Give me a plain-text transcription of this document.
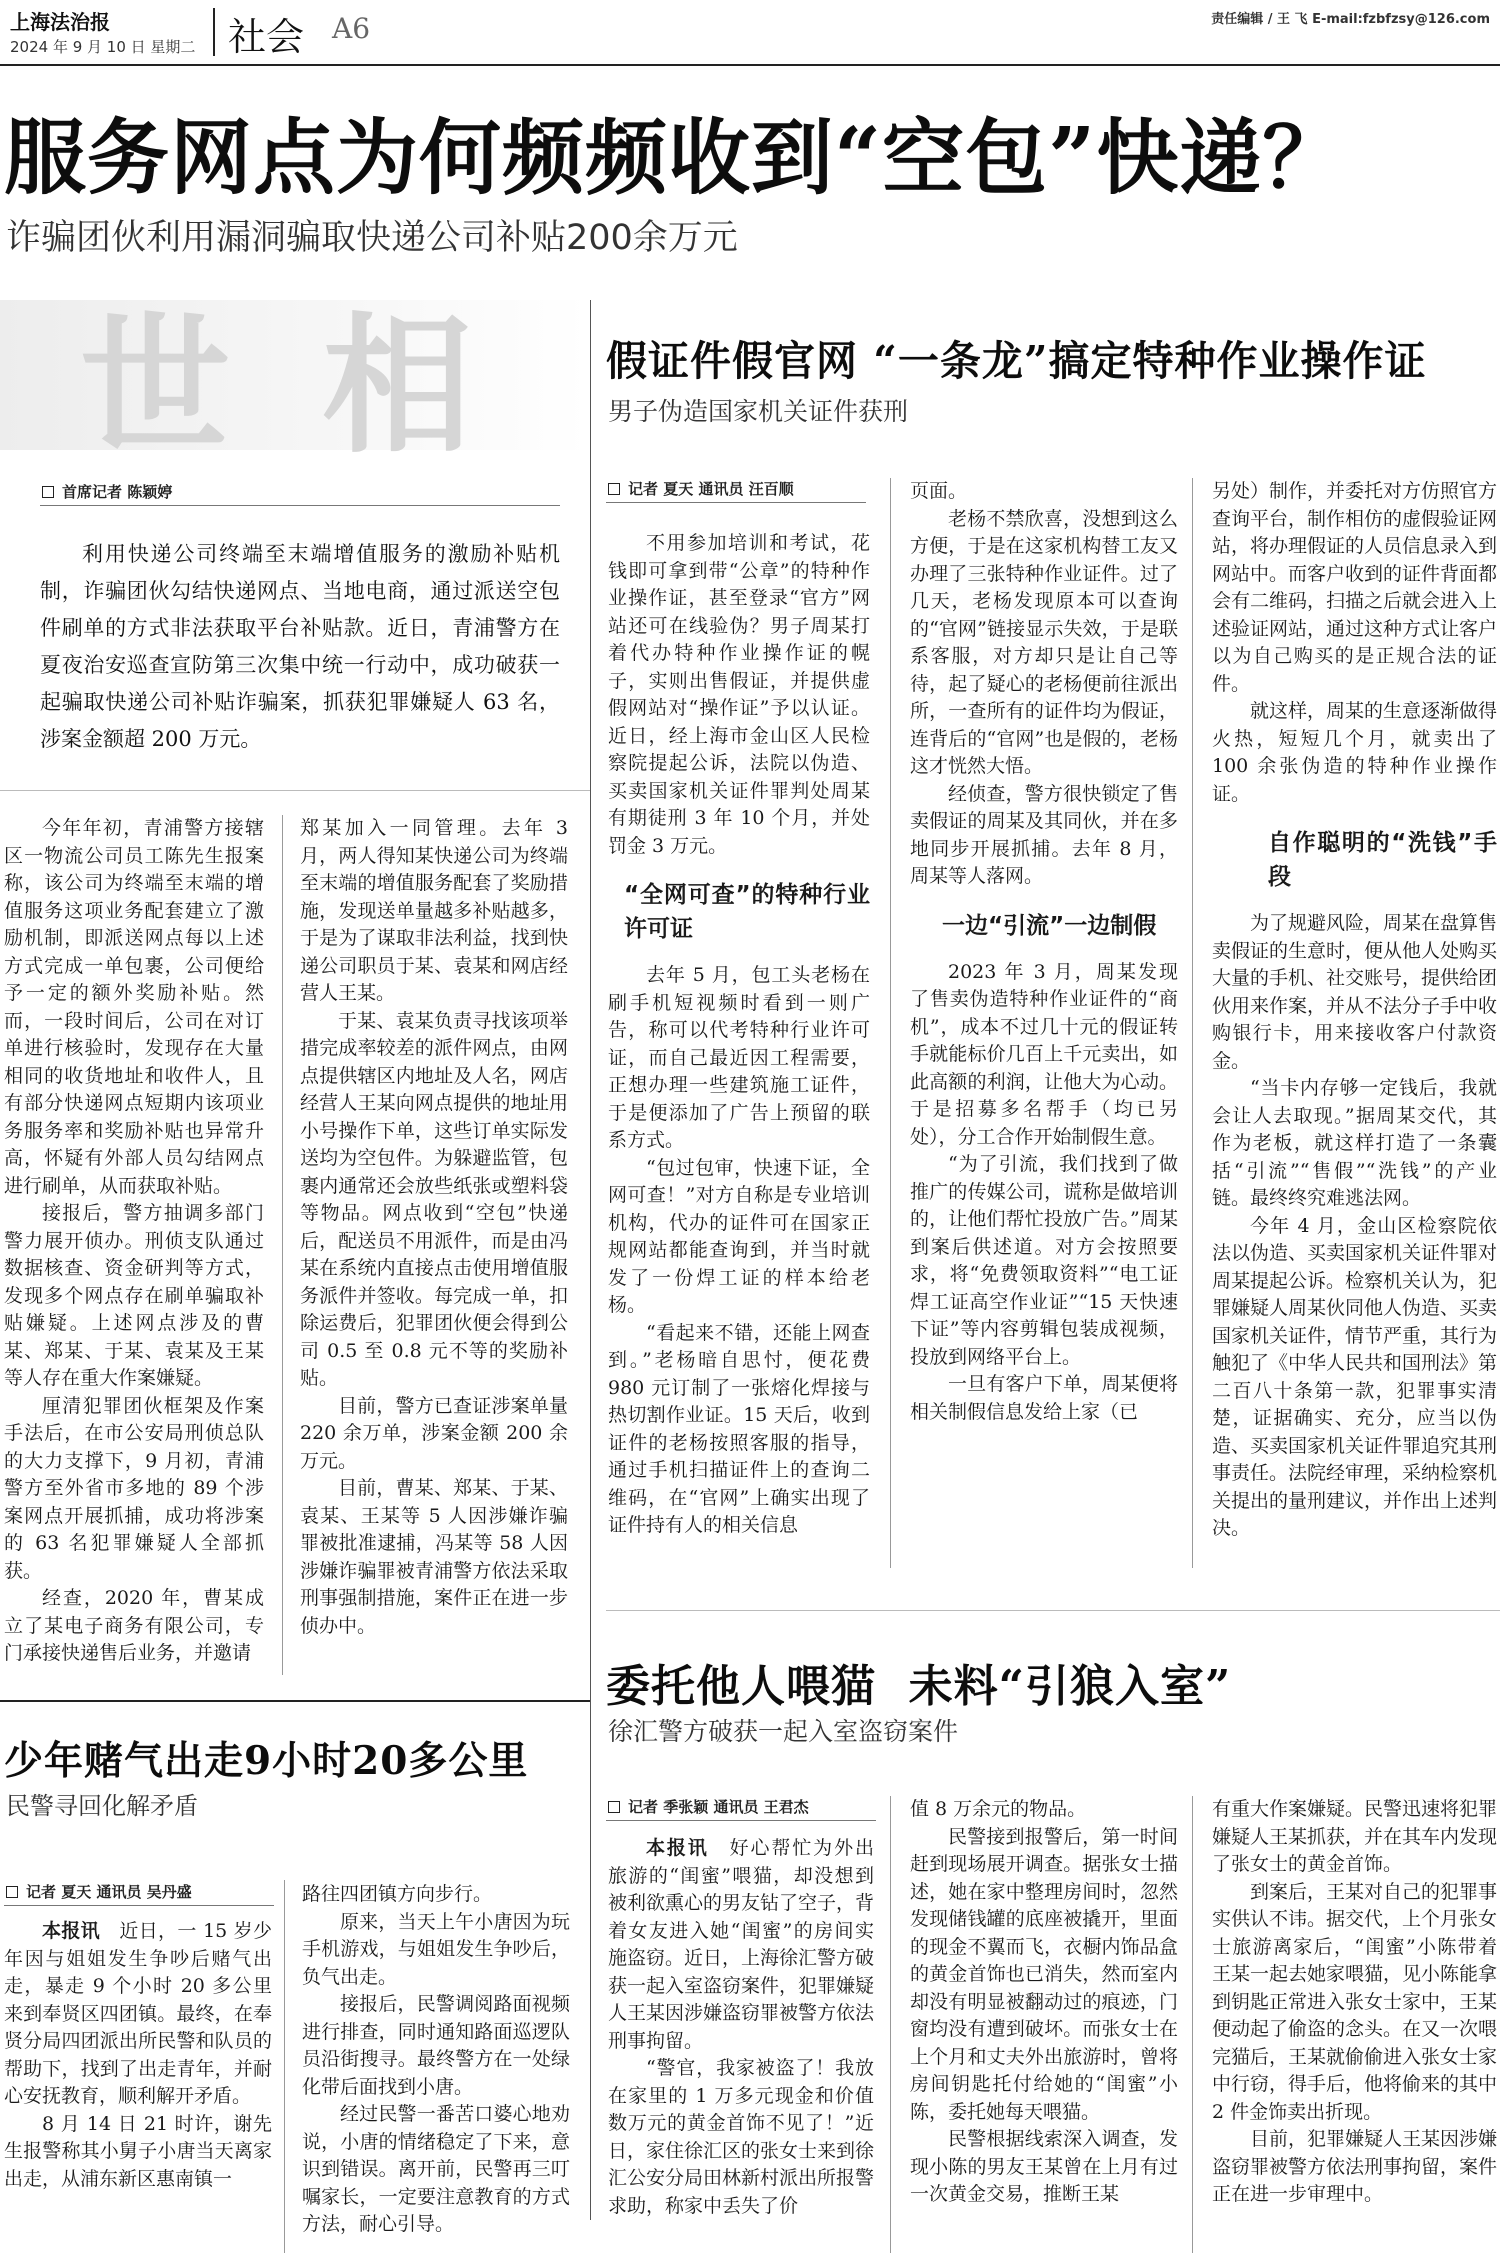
上海法治报
2024 年 9 月 10 日 星期二 社会 A6	责任编辑 / 王 飞 E-mail:fzbfzsy@126.com
服务网点为何频频收到“空包”快递？
诈骗团伙利用漏洞骗取快递公司补贴200余万元
世 相
首席记者 陈颖婷

利用快递公司终端至末端增值服务的激励补贴机制，诈骗团伙勾结快递网点、当地电商，通过派送空包件刷单的方式非法获取平台补贴款。近日，青浦警方在夏夜治安巡查宣防第三次集中统一行动中，成功破获一起骗取快递公司补贴诈骗案，抓获犯罪嫌疑人 63 名，涉案金额超 200 万元。

今年年初，青浦警方接辖区一物流公司员工陈先生报案称，该公司为终端至末端的增值服务这项业务配套建立了激励机制，即派送网点每以上述方式完成一单包裹，公司便给予一定的额外奖励补贴。然而，一段时间后，公司在对订单进行核验时，发现存在大量相同的收货地址和收件人，且有部分快递网点短期内该项业务服务率和奖励补贴也异常升高，怀疑有外部人员勾结网点进行刷单，从而获取补贴。

接报后，警方抽调多部门警力展开侦办。刑侦支队通过数据核查、资金研判等方式，发现多个网点存在刷单骗取补贴嫌疑。上述网点涉及的曹某、郑某、于某、袁某及王某等人存在重大作案嫌疑。

厘清犯罪团伙框架及作案手法后，在市公安局刑侦总队的大力支撑下，9 月初，青浦警方至外省市多地的 89 个涉案网点开展抓捕，成功将涉案的 63 名犯罪嫌疑人全部抓获。

经查，2020 年，曹某成立了某电子商务有限公司，专门承接快递售后业务，并邀请

郑某加入一同管理。去年 3 月，两人得知某快递公司为终端至末端的增值服务配套了奖励措施，发现送单量越多补贴越多，于是为了谋取非法利益，找到快递公司职员于某、袁某和网店经营人王某。

于某、袁某负责寻找该项举措完成率较差的派件网点，由网点提供辖区内地址及人名，网店经营人王某向网点提供的地址用小号操作下单，这些订单实际发送均为空包件。为躲避监管，包裹内通常还会放些纸张或塑料袋等物品。网点收到“空包”快递后，配送员不用派件，而是由冯某在系统内直接点击使用增值服务派件并签收。每完成一单，扣除运费后，犯罪团伙便会得到公司 0.5 至 0.8 元不等的奖励补贴。

目前，警方已查证涉案单量 220 余万单，涉案金额 200 余万元。

目前，曹某、郑某、于某、袁某、王某等 5 人因涉嫌诈骗罪被批准逮捕，冯某等 58 人因涉嫌诈骗罪被青浦警方依法采取刑事强制措施，案件正在进一步侦办中。

假证件假官网 “一条龙”搞定特种作业操作证
男子伪造国家机关证件获刑
记者 夏天 通讯员 汪百顺

不用参加培训和考试，花钱即可拿到带“公章”的特种作业操作证，甚至登录“官方”网站还可在线验伪？男子周某打着代办特种作业操作证的幌子，实则出售假证，并提供虚假网站对“操作证”予以认证。近日，经上海市金山区人民检察院提起公诉，法院以伪造、买卖国家机关证件罪判处周某有期徒刑 3 年 10 个月，并处罚金 3 万元。

“全网可查”的特种行业许可证

去年 5 月，包工头老杨在刷手机短视频时看到一则广告，称可以代考特种行业许可证，而自己最近因工程需要，正想办理一些建筑施工证件，于是便添加了广告上预留的联系方式。

“包过包审，快速下证，全网可查！”对方自称是专业培训机构，代办的证件可在国家正规网站都能查询到，并当时就发了一份焊工证的样本给老杨。

“看起来不错，还能上网查到。”老杨暗自思忖，便花费 980 元订制了一张熔化焊接与热切割作业证。15 天后，收到证件的老杨按照客服的指导，通过手机扫描证件上的查询二维码，在“官网”上确实出现了证件持有人的相关信息

页面。

老杨不禁欣喜，没想到这么方便，于是在这家机构替工友又办理了三张特种作业证件。过了几天，老杨发现原本可以查询的“官网”链接显示失效，于是联系客服，对方却只是让自己等待，起了疑心的老杨便前往派出所，一查所有的证件均为假证，连背后的“官网”也是假的，老杨这才恍然大悟。

经侦查，警方很快锁定了售卖假证的周某及其同伙，并在多地同步开展抓捕。去年 8 月，周某等人落网。

一边“引流”一边制假

2023 年 3 月，周某发现了售卖伪造特种作业证件的“商机”，成本不过几十元的假证转手就能标价几百上千元卖出，如此高额的利润，让他大为心动。于是招募多名帮手（均已另处），分工合作开始制假生意。

“为了引流，我们找到了做推广的传媒公司，谎称是做培训的，让他们帮忙投放广告。”周某到案后供述道。对方会按照要求，将“免费领取资料”“电工证焊工证高空作业证”“15 天快速下证”等内容剪辑包装成视频，投放到网络平台上。

一旦有客户下单，周某便将相关制假信息发给上家（已

另处）制作，并委托对方仿照官方查询平台，制作相仿的虚假验证网站，将办理假证的人员信息录入到网站中。而客户收到的证件背面都会有二维码，扫描之后就会进入上述验证网站，通过这种方式让客户以为自己购买的是正规合法的证件。

就这样，周某的生意逐渐做得火热，短短几个月，就卖出了 100 余张伪造的特种作业操作证。

自作聪明的“洗钱”手段

为了规避风险，周某在盘算售卖假证的生意时，便从他人处购买大量的手机、社交账号，提供给团伙用来作案，并从不法分子手中收购银行卡，用来接收客户付款资金。

“当卡内存够一定钱后，我就会让人去取现。”据周某交代，其作为老板，就这样打造了一条囊括“引流”“售假”“洗钱”的产业链。最终终究难逃法网。

今年 4 月，金山区检察院依法以伪造、买卖国家机关证件罪对周某提起公诉。检察机关认为，犯罪嫌疑人周某伙同他人伪造、买卖国家机关证件，情节严重，其行为触犯了《中华人民共和国刑法》第二百八十条第一款，犯罪事实清楚，证据确实、充分，应当以伪造、买卖国家机关证件罪追究其刑事责任。法院经审理，采纳检察机关提出的量刑建议，并作出上述判决。

少年赌气出走9小时20多公里
民警寻回化解矛盾
记者 夏天 通讯员 吴丹盛

本报讯　 近日，一 15 岁少年因与姐姐发生争吵后赌气出走，暴走 9 个小时 20 多公里来到奉贤区四团镇。最终，在奉贤分局四团派出所民警和队员的帮助下，找到了出走青年，并耐心安抚教育，顺利解开矛盾。

8 月 14 日 21 时许，谢先生报警称其小舅子小唐当天离家出走，从浦东新区惠南镇一

路往四团镇方向步行。

原来，当天上午小唐因为玩手机游戏，与姐姐发生争吵后，负气出走。

接报后，民警调阅路面视频进行排查，同时通知路面巡逻队员沿街搜寻。最终警方在一处绿化带后面找到小唐。

经过民警一番苦口婆心地劝说，小唐的情绪稳定了下来，意识到错误。离开前，民警再三叮嘱家长，一定要注意教育的方式方法，耐心引导。

委托他人喂猫  未料“引狼入室”
徐汇警方破获一起入室盗窃案件
记者 季张颖 通讯员 王君杰

本报讯　 好心帮忙为外出旅游的“闺蜜”喂猫，却没想到被利欲熏心的男友钻了空子，背着女友进入她“闺蜜”的房间实施盗窃。近日，上海徐汇警方破获一起入室盗窃案件，犯罪嫌疑人王某因涉嫌盗窃罪被警方依法刑事拘留。

“警官，我家被盗了！我放在家里的 1 万多元现金和价值数万元的黄金首饰不见了！”近日，家住徐汇区的张女士来到徐汇公安分局田林新村派出所报警求助，称家中丢失了价

值 8 万余元的物品。

民警接到报警后，第一时间赶到现场展开调查。据张女士描述，她在家中整理房间时，忽然发现储钱罐的底座被撬开，里面的现金不翼而飞，衣橱内饰品盒的黄金首饰也已消失，然而室内却没有明显被翻动过的痕迹，门窗均没有遭到破坏。而张女士在上个月和丈夫外出旅游时，曾将房间钥匙托付给她的“闺蜜”小陈，委托她每天喂猫。

民警根据线索深入调查，发现小陈的男友王某曾在上月有过一次黄金交易，推断王某

有重大作案嫌疑。民警迅速将犯罪嫌疑人王某抓获，并在其车内发现了张女士的黄金首饰。

到案后，王某对自己的犯罪事实供认不讳。据交代，上个月张女士旅游离家后，“闺蜜”小陈带着王某一起去她家喂猫，见小陈能拿到钥匙正常进入张女士家中，王某便动起了偷盗的念头。在又一次喂完猫后，王某就偷偷进入张女士家中行窃，得手后，他将偷来的其中 2 件金饰卖出折现。

目前，犯罪嫌疑人王某因涉嫌盗窃罪被警方依法刑事拘留，案件正在进一步审理中。
